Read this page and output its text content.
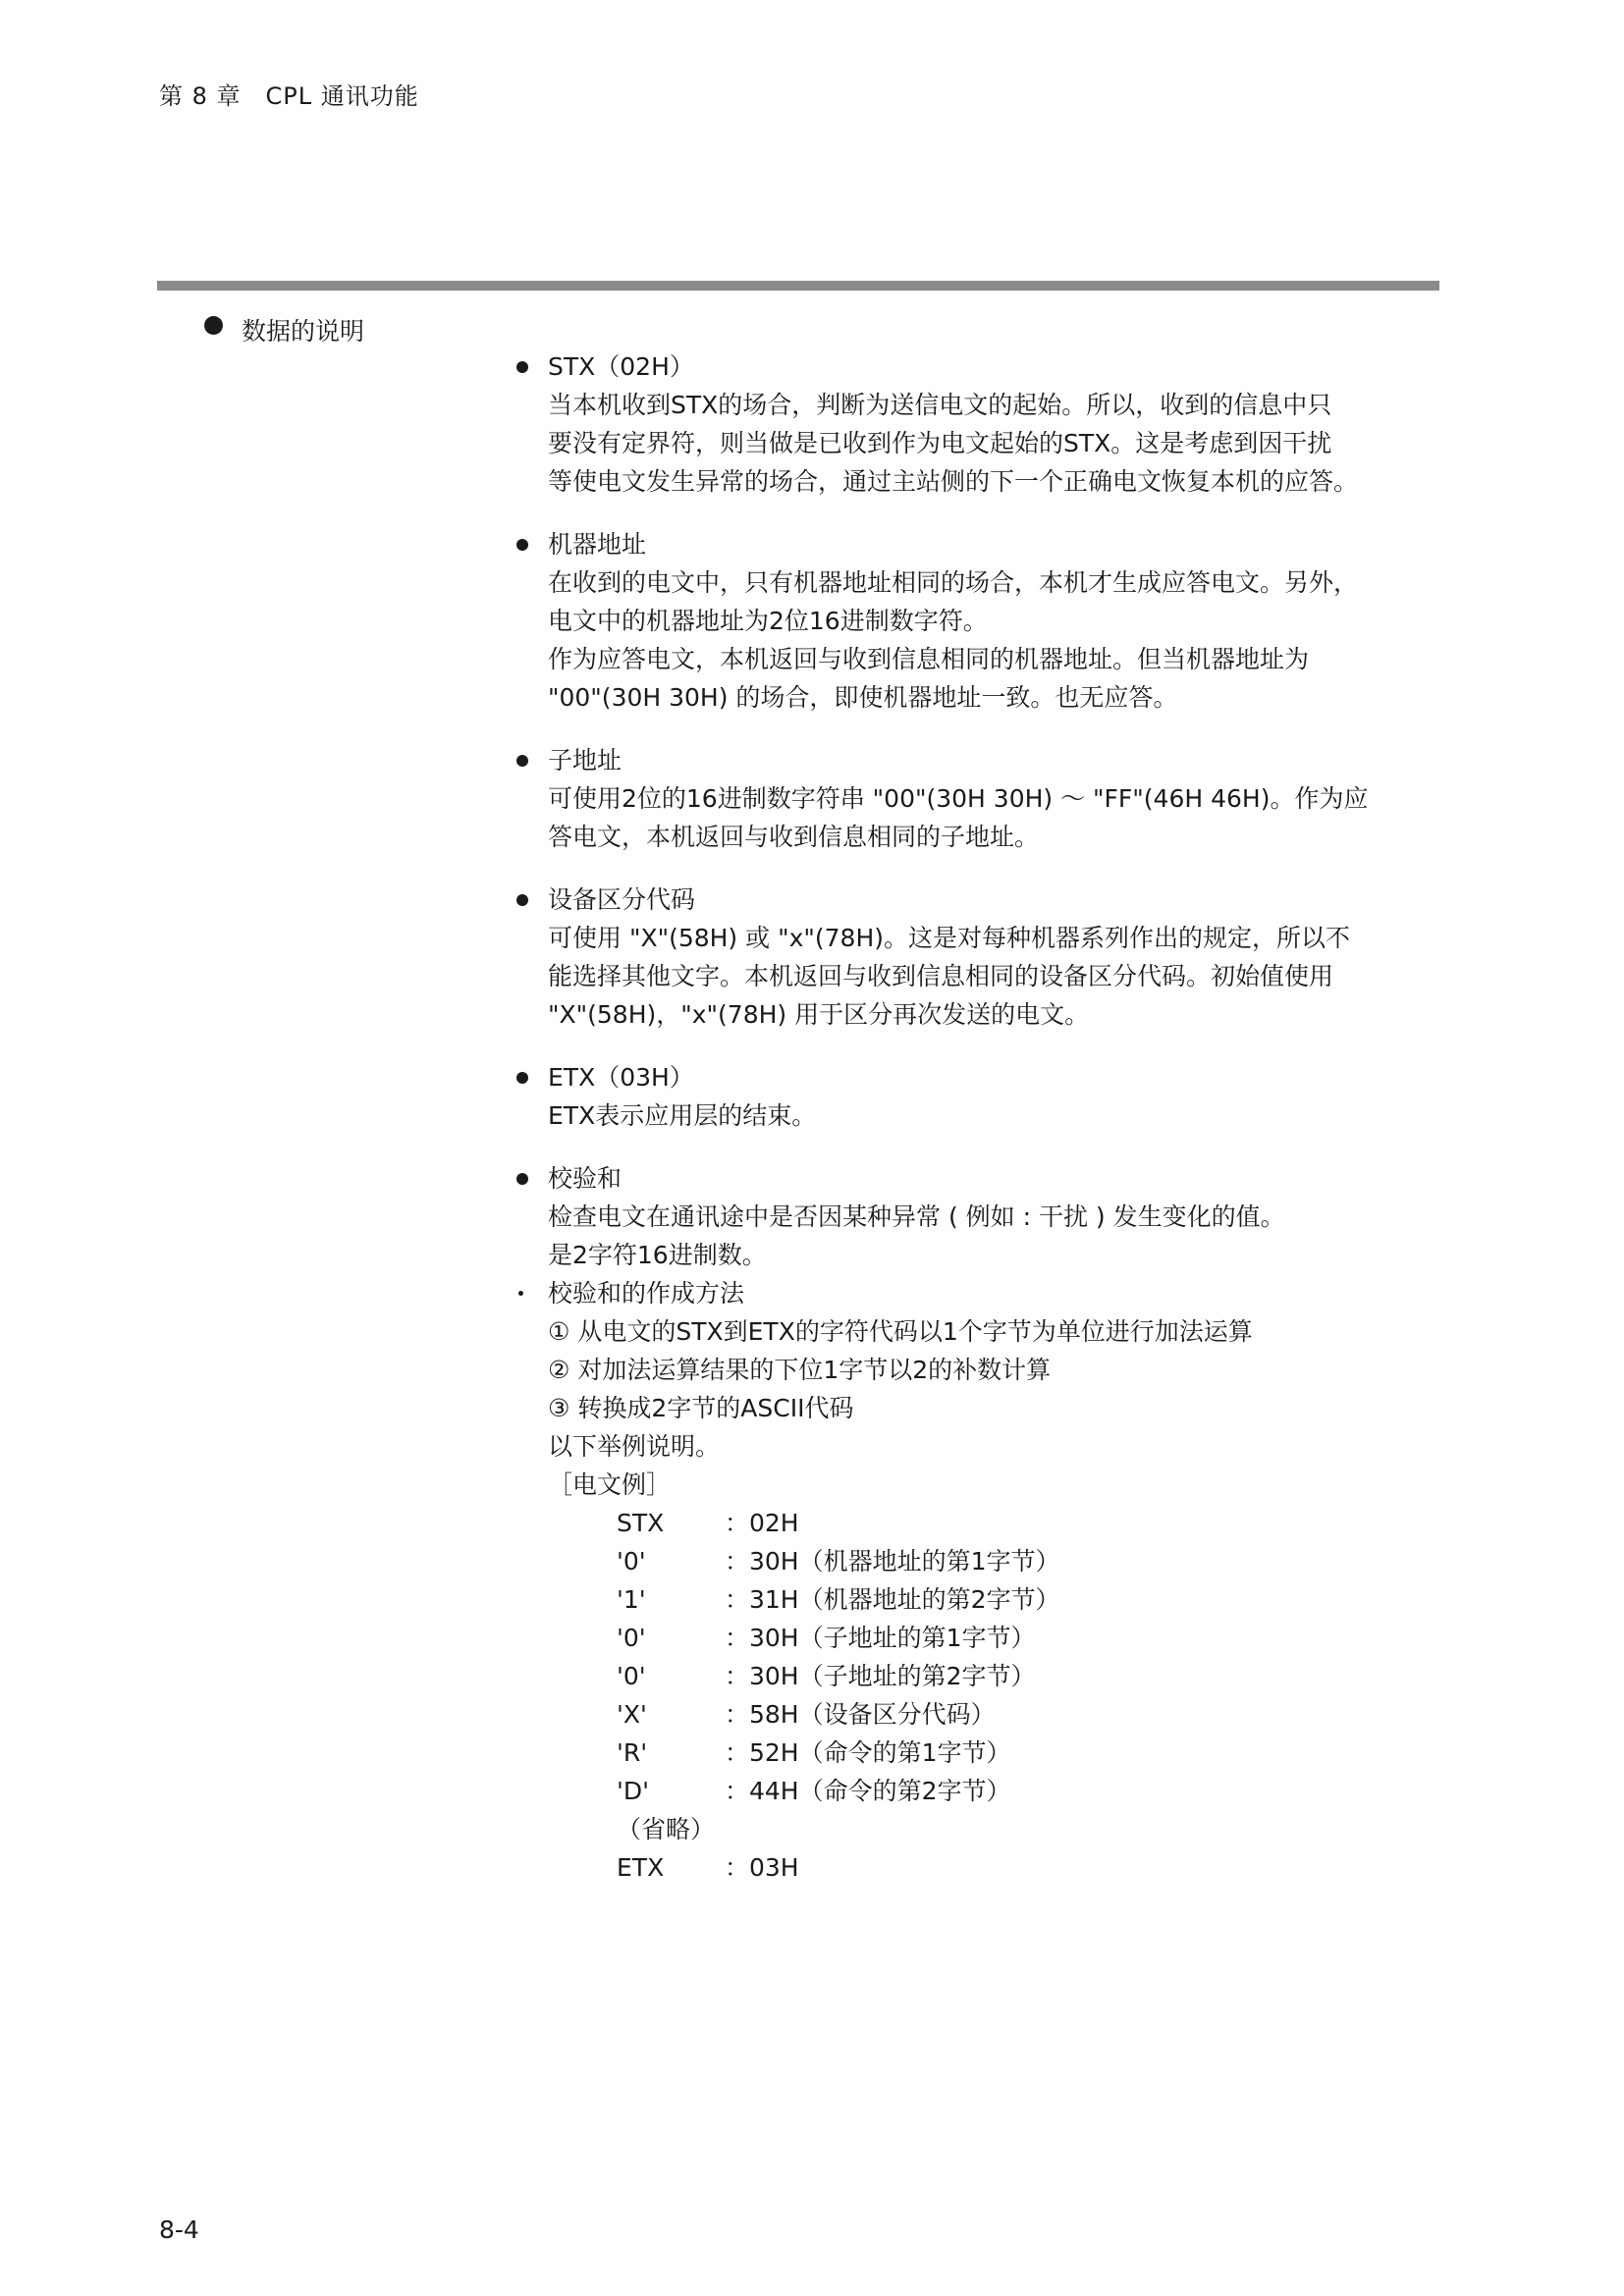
第 8 章　CPL 通讯功能
数据的说明
STX（02H）
当本机收到STX的场合，判断为送信电文的起始。所以，收到的信息中只
要没有定界符，则当做是已收到作为电文起始的STX。这是考虑到因干扰
等使电文发生异常的场合，通过主站侧的下一个正确电文恢复本机的应答。
机器地址
在收到的电文中，只有机器地址相同的场合，本机才生成应答电文。另外，
电文中的机器地址为2位16进制数字符。
作为应答电文，本机返回与收到信息相同的机器地址。但当机器地址为
"00"(30H 30H) 的场合，即使机器地址一致。也无应答。
子地址
可使用2位的16进制数字符串 "00"(30H 30H) ～ "FF"(46H 46H)。作为应
答电文，本机返回与收到信息相同的子地址。
设备区分代码
可使用 "X"(58H) 或 "x"(78H)。这是对每种机器系列作出的规定，所以不
能选择其他文字。本机返回与收到信息相同的设备区分代码。初始值使用
"X"(58H)，"x"(78H) 用于区分再次发送的电文。
ETX（03H）
ETX表示应用层的结束。
校验和
检查电文在通讯途中是否因某种异常 ( 例如 : 干扰 ) 发生变化的值。
是2字符16进制数。
校验和的作成方法
① 从电文的STX到ETX的字符代码以1个字节为单位进行加法运算
② 对加法运算结果的下位1字节以2的补数计算
③ 转换成2字节的ASCII代码
以下举例说明。
［电文例］
STX	：02H
'0'	：30H（机器地址的第1字节）
'1'	：31H（机器地址的第2字节）
'0'	：30H（子地址的第1字节）
'0'	：30H（子地址的第2字节）
'X'	：58H（设备区分代码）
'R'	：52H（命令的第1字节）
'D'	：44H（命令的第2字节）
（省略）
ETX	：03H
8-4
